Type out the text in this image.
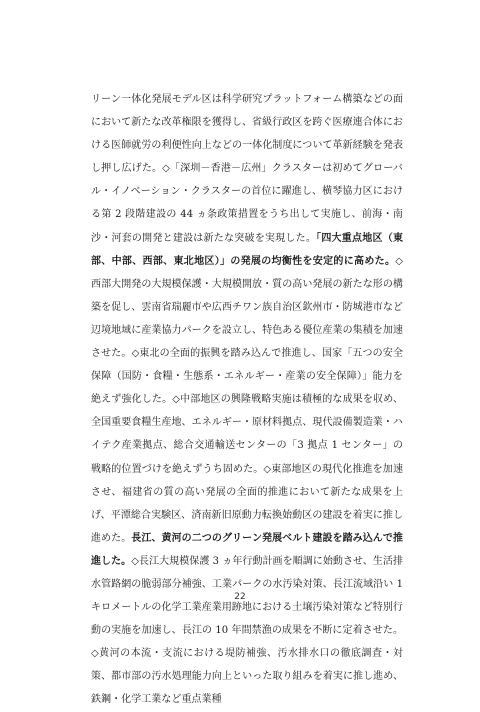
リーン一体化発展モデル区は科学研究プラットフォーム構築などの面において新たな改革権限を獲得し、省級行政区を跨ぐ医療連合体における医師就労の利便性向上などの一体化制度について革新経験を発表し押し広げた。◇「深圳－香港－広州」クラスターは初めてグローバル・イノベーション・クラスターの首位に躍進し、横琴協力区における第 2 段階建設の 44 ヵ条政策措置をうち出して実施し、前海・南沙・河套の開発と建設は新たな突破を実現した。「四大重点地区（東部、中部、西部、東北地区）」の発展の均衡性を安定的に高めた。◇西部大開発の大規模保護・大規模開放・質の高い発展の新たな形の構築を促し、雲南省瑞麗市や広西チワン族自治区欽州市・防城港市など辺境地域に産業協力パークを設立し、特色ある優位産業の集積を加速させた。◇東北の全面的振興を踏み込んで推進し、国家「五つの安全保障（国防・食糧・生態系・エネルギー・産業の安全保障）」能力を絶えず強化した。◇中部地区の興隆戦略実施は積極的な成果を収め、全国重要食糧生産地、エネルギー・原材料拠点、現代設備製造業・ハイテク産業拠点、総合交通輸送センターの「3 拠点 1 センター」の戦略的位置づけを絶えずうち固めた。◇東部地区の現代化推進を加速させ、福建省の質の高い発展の全面的推進において新たな成果を上げ、平潭総合実験区、済南新旧原動力転換始動区の建設を着実に推し進めた。長江、黄河の二つのグリーン発展ベルト建設を踏み込んで推進した。◇長江大規模保護 3 ヵ年行動計画を順調に始動させ、生活排水管路網の脆弱部分補強、工業パークの水汚染対策、長江流域沿い 1 キロメートルの化学工業産業用跡地における土壌汚染対策など特別行動の実施を加速し、長江の 10 年間禁漁の成果を不断に定着させた。◇黄河の本流・支流における堤防補強、汚水排水口の徹底調査・対策、都市部の汚水処理能力向上といった取り組みを着実に推し進め、鉄鋼・化学工業など重点業種

22
